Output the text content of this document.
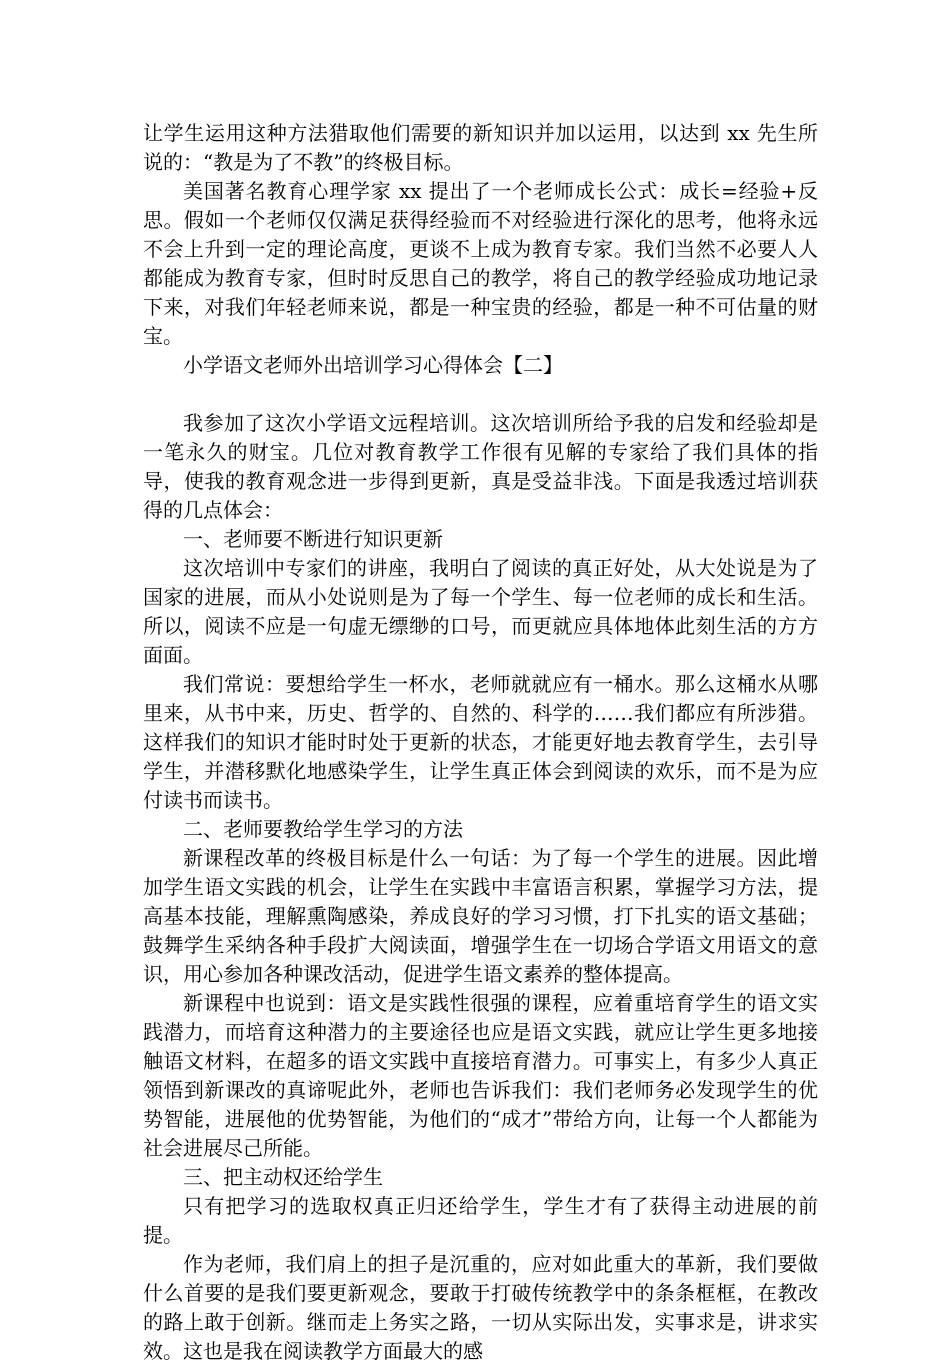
让学生运用这种方法猎取他们需要的新知识并加以运用，以达到 xx 先生所说的：“教是为了不教”的终极目标。

美国著名教育心理学家 xx 提出了一个老师成长公式：成长=经验+反思。假如一个老师仅仅满足获得经验而不对经验进行深化的思考，他将永远不会上升到一定的理论高度，更谈不上成为教育专家。我们当然不必要人人都能成为教育专家，但时时反思自己的教学，将自己的教学经验成功地记录下来，对我们年轻老师来说，都是一种宝贵的经验，都是一种不可估量的财宝。

小学语文老师外出培训学习心得体会【二】

我参加了这次小学语文远程培训。这次培训所给予我的启发和经验却是一笔永久的财宝。几位对教育教学工作很有见解的专家给了我们具体的指导，使我的教育观念进一步得到更新，真是受益非浅。下面是我透过培训获得的几点体会：

一、老师要不断进行知识更新

这次培训中专家们的讲座，我明白了阅读的真正好处，从大处说是为了国家的进展，而从小处说则是为了每一个学生、每一位老师的成长和生活。所以，阅读不应是一句虚无缥缈的口号，而更就应具体地体此刻生活的方方面面。

我们常说：要想给学生一杯水，老师就就应有一桶水。那么这桶水从哪里来，从书中来，历史、哲学的、自然的、科学的……我们都应有所涉猎。这样我们的知识才能时时处于更新的状态，才能更好地去教育学生，去引导学生，并潜移默化地感染学生，让学生真正体会到阅读的欢乐，而不是为应付读书而读书。

二、老师要教给学生学习的方法

新课程改革的终极目标是什么一句话：为了每一个学生的进展。因此增加学生语文实践的机会，让学生在实践中丰富语言积累，掌握学习方法，提高基本技能，理解熏陶感染，养成良好的学习习惯，打下扎实的语文基础；鼓舞学生采纳各种手段扩大阅读面，增强学生在一切场合学语文用语文的意识，用心参加各种课改活动，促进学生语文素养的整体提高。

新课程中也说到：语文是实践性很强的课程，应着重培育学生的语文实践潜力，而培育这种潜力的主要途径也应是语文实践，就应让学生更多地接触语文材料，在超多的语文实践中直接培育潜力。可事实上，有多少人真正领悟到新课改的真谛呢此外，老师也告诉我们：我们老师务必发现学生的优势智能，进展他的优势智能，为他们的“成才”带给方向，让每一个人都能为社会进展尽己所能。

三、把主动权还给学生

只有把学习的选取权真正归还给学生，学生才有了获得主动进展的前提。

作为老师，我们肩上的担子是沉重的，应对如此重大的革新，我们要做什么首要的是我们要更新观念，要敢于打破传统教学中的条条框框，在教改的路上敢于创新。继而走上务实之路，一切从实际出发，实事求是，讲求实效。这也是我在阅读教学方面最大的感
